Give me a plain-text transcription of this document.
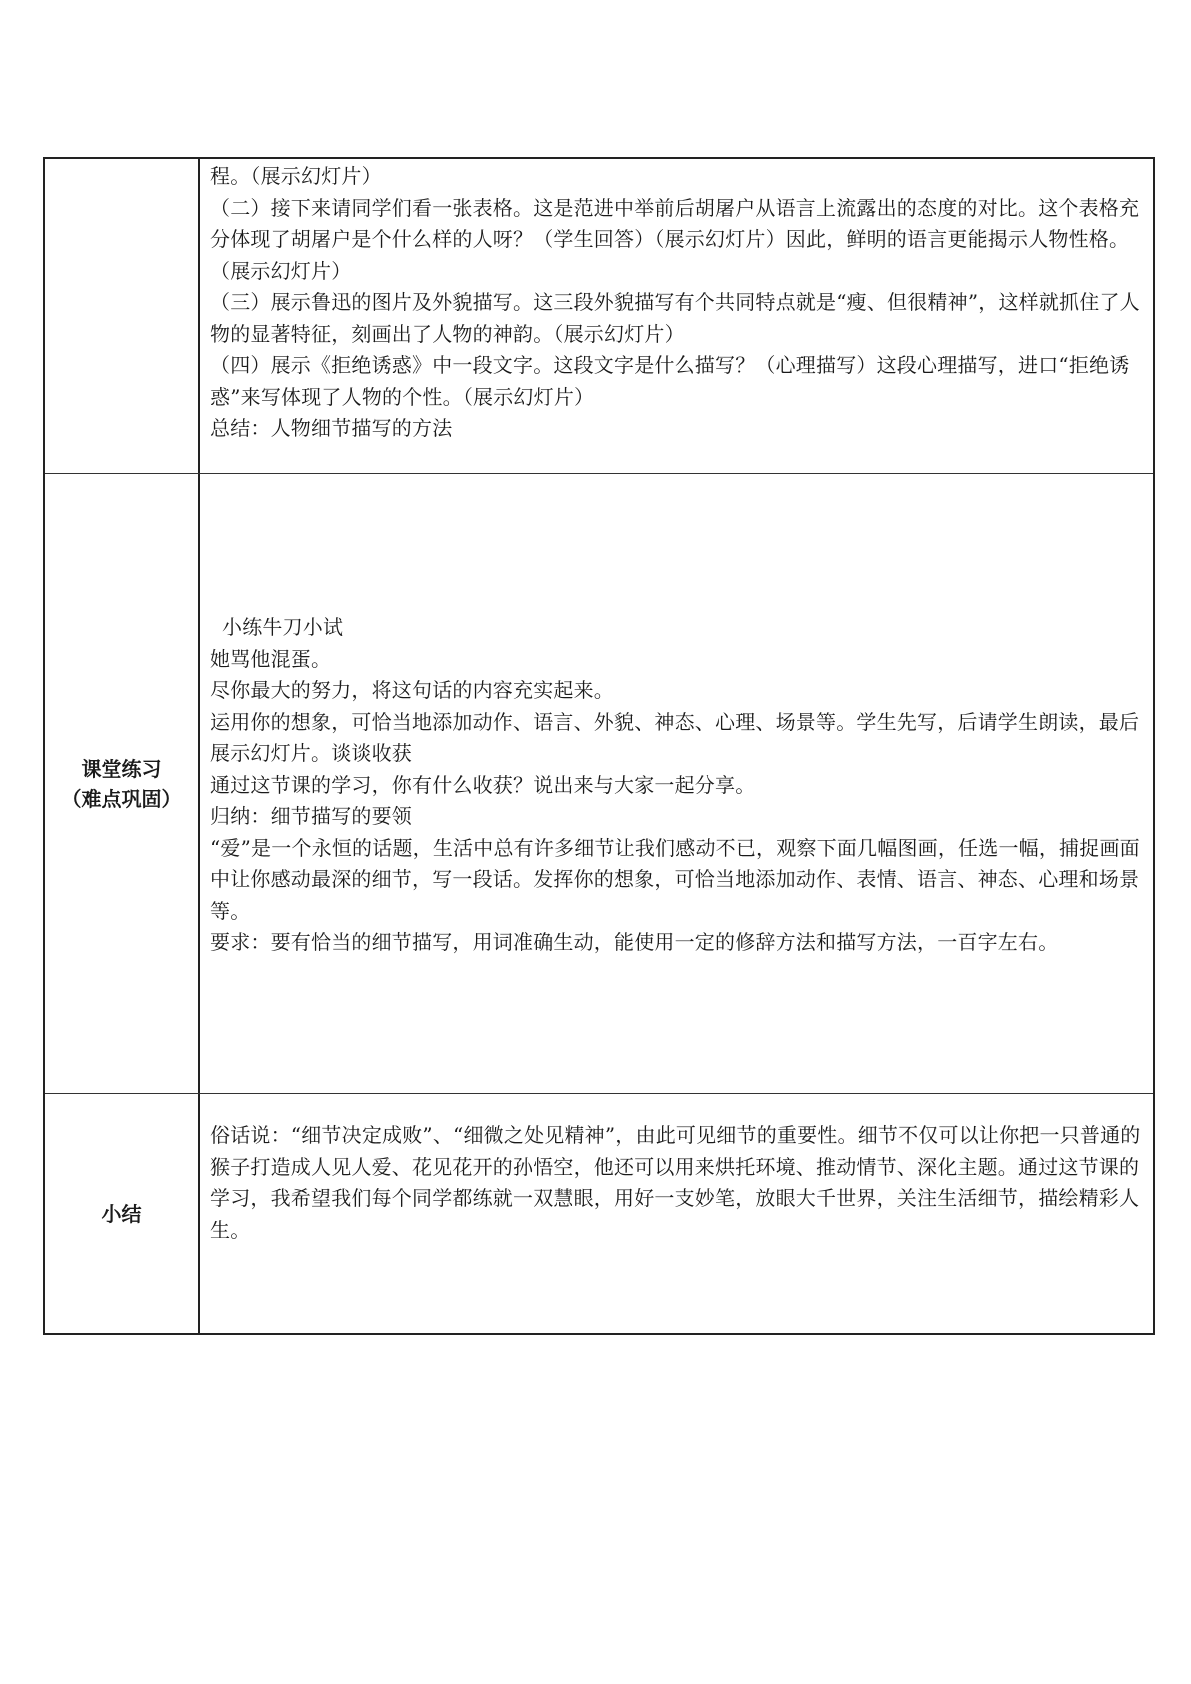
程。（展示幻灯片）

（二）接下来请同学们看一张表格。这是范进中举前后胡屠户从语言上流露出的态度的对比。这个表格充分体现了胡屠户是个什么样的人呀？（学生回答）（展示幻灯片）因此，鲜明的语言更能揭示人物性格。（展示幻灯片）

（三）展示鲁迅的图片及外貌描写。这三段外貌描写有个共同特点就是“瘦、但很精神”，这样就抓住了人物的显著特征，刻画出了人物的神韵。（展示幻灯片）

（四）展示《拒绝诱惑》中一段文字。这段文字是什么描写？（心理描写）这段心理描写，进口“拒绝诱惑”来写体现了人物的个性。（展示幻灯片）

总结：人物细节描写的方法

课堂练习
（难点巩固）

小练牛刀小试

她骂他混蛋。

尽你最大的努力，将这句话的内容充实起来。

运用你的想象，可恰当地添加动作、语言、外貌、神态、心理、场景等。学生先写，后请学生朗读，最后展示幻灯片。谈谈收获

通过这节课的学习，你有什么收获？说出来与大家一起分享。

归纳：细节描写的要领

“爱”是一个永恒的话题，生活中总有许多细节让我们感动不已，观察下面几幅图画，任选一幅，捕捉画面中让你感动最深的细节，写一段话。发挥你的想象，可恰当地添加动作、表情、语言、神态、心理和场景等。

要求：要有恰当的细节描写，用词准确生动，能使用一定的修辞方法和描写方法，一百字左右。

小结

俗话说：“细节决定成败”、“细微之处见精神”，由此可见细节的重要性。细节不仅可以让你把一只普通的猴子打造成人见人爱、花见花开的孙悟空，他还可以用来烘托环境、推动情节、深化主题。通过这节课的学习，我希望我们每个同学都练就一双慧眼，用好一支妙笔，放眼大千世界，关注生活细节，描绘精彩人生。
